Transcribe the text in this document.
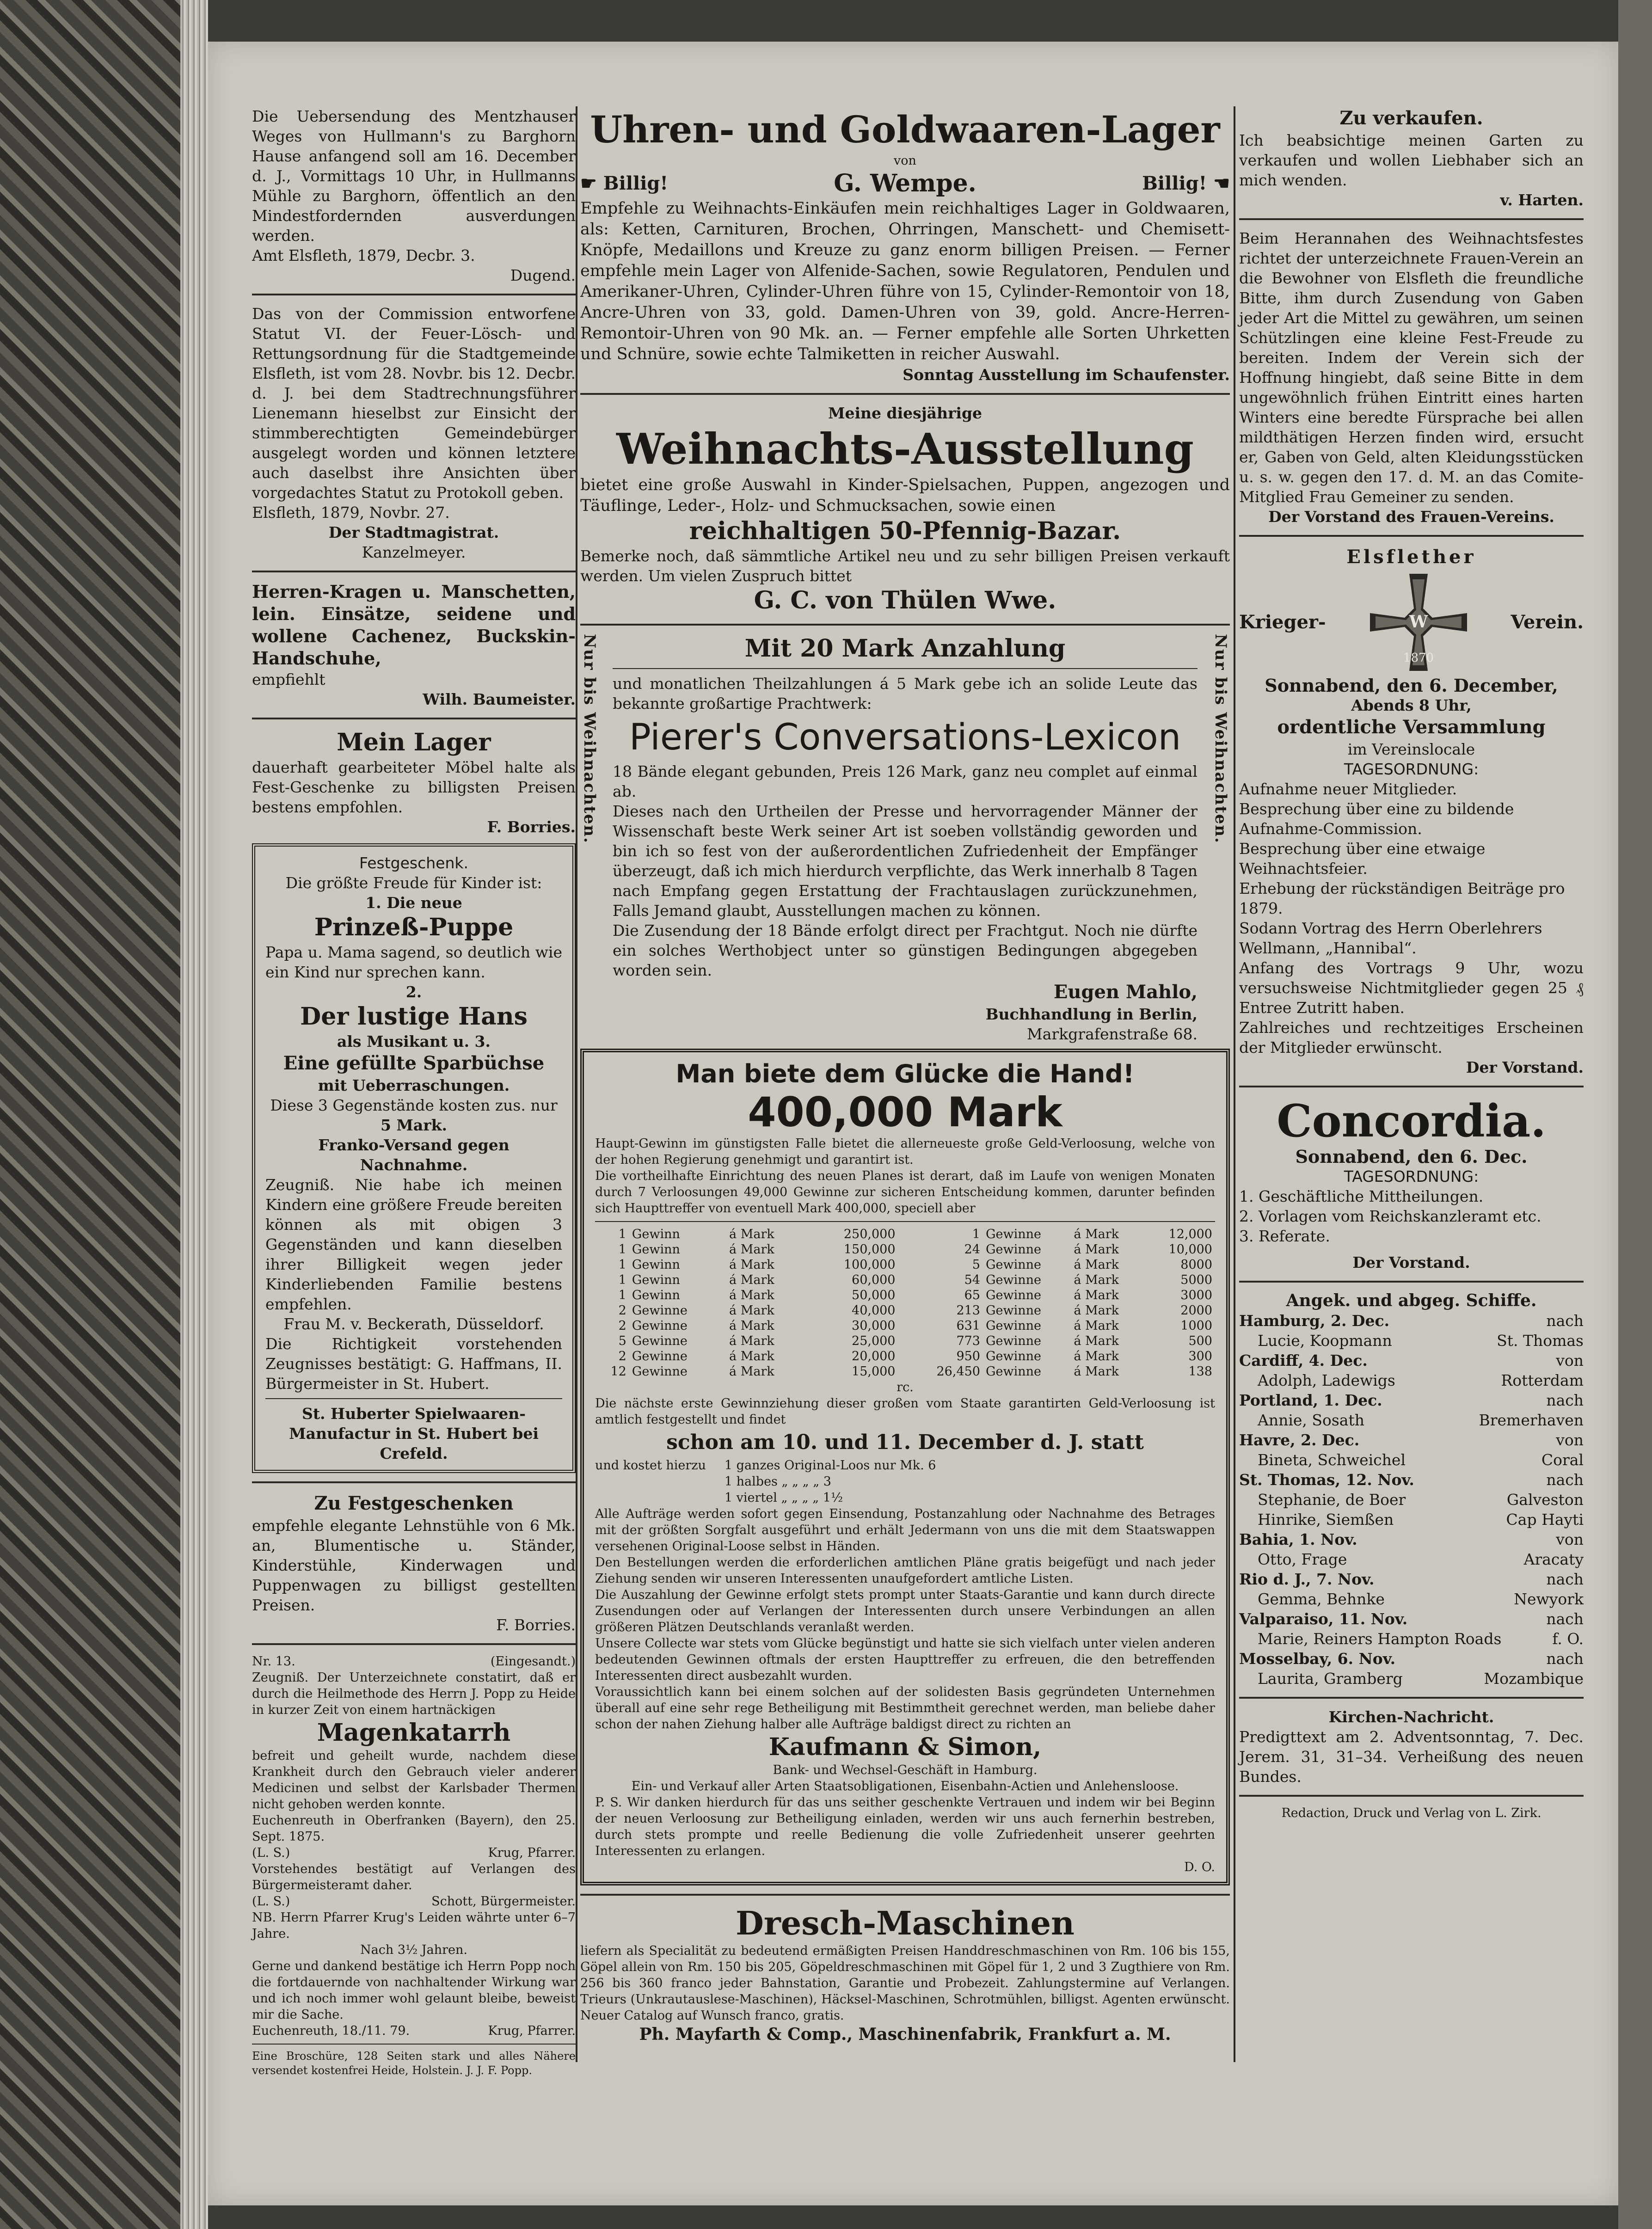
Die Uebersendung des Mentzhauser Weges von Hullmann's zu Barghorn Hause anfangend soll am 16. December d. J., Vormittags 10 Uhr, in Hullmanns Mühle zu Barghorn, öffentlich an den Mindestfordernden ausverdungen werden.

Amt Elsfleth, 1879, Decbr. 3.

Dugend.

Das von der Commission entworfene Statut VI. der Feuer-Lösch- und Rettungsordnung für die Stadtgemeinde Elsfleth, ist vom 28. Novbr. bis 12. Decbr. d. J. bei dem Stadtrechnungsführer Lienemann hieselbst zur Einsicht der stimmberechtigten Gemeindebürger ausgelegt worden und können letztere auch daselbst ihre Ansichten über vorgedachtes Statut zu Protokoll geben.

Elsfleth, 1879, Novbr. 27.

Der Stadtmagistrat.

Kanzelmeyer.

Herren-Kragen u. Manschetten, lein. Einsätze, seidene und wollene Cachenez, Buckskin-Handschuhe,

empfiehlt

Wilh. Baumeister.

Mein Lager

dauerhaft gearbeiteter Möbel halte als Fest-Geschenke zu billigsten Preisen bestens empfohlen.

F. Borries.

Festgeschenk.

Die größte Freude für Kinder ist:

1. Die neue

Prinzeß-Puppe

Papa u. Mama sagend, so deutlich wie ein Kind nur sprechen kann.

2.

Der lustige Hans

als Musikant u. 3.

Eine gefüllte Sparbüchse

mit Ueberraschungen.

Diese 3 Gegenstände kosten zus. nur

5 Mark.

Franko-Versand gegen Nachnahme.

Zeugniß. Nie habe ich meinen Kindern eine größere Freude bereiten können als mit obigen 3 Gegenständen und kann dieselben ihrer Billigkeit wegen jeder Kinderliebenden Familie bestens empfehlen.

Frau M. v. Beckerath, Düsseldorf.

Die Richtigkeit vorstehenden Zeugnisses bestätigt: G. Haffmans, II. Bürgermeister in St. Hubert.

St. Huberter Spielwaaren-Manufactur in St. Hubert bei Crefeld.

Zu Festgeschenken

empfehle elegante Lehnstühle von 6 Mk. an, Blumentische u. Ständer, Kinderstühle, Kinderwagen und Puppenwagen zu billigst gestellten Preisen.

F. Borries.

Nr. 13.	(Eingesandt.)

Zeugniß. Der Unterzeichnete constatirt, daß er durch die Heilmethode des Herrn J. Popp zu Heide in kurzer Zeit von einem hartnäckigen

Magenkatarrh

befreit und geheilt wurde, nachdem diese Krankheit durch den Gebrauch vieler anderer Medicinen und selbst der Karlsbader Thermen nicht gehoben werden konnte.

Euchenreuth in Oberfranken (Bayern), den 25. Sept. 1875.

(L. S.)	Krug, Pfarrer.

Vorstehendes bestätigt auf Verlangen des Bürgermeisteramt daher.

(L. S.)	Schott, Bürgermeister.

NB. Herrn Pfarrer Krug's Leiden währte unter 6–7 Jahre.

Nach 3½ Jahren.

Gerne und dankend bestätige ich Herrn Popp noch die fortdauernde von nachhaltender Wirkung war und ich noch immer wohl gelaunt bleibe, beweist mir die Sache.

Euchenreuth, 18./11. 79.	Krug, Pfarrer.

Eine Broschüre, 128 Seiten stark und alles Nähere versendet kostenfrei Heide, Holstein. J. J. F. Popp.

Uhren- und Goldwaaren-Lager

von

☛ Billig!	G. Wempe.	Billig! ☚

Empfehle zu Weihnachts-Einkäufen mein reichhaltiges Lager in Goldwaaren, als: Ketten, Carnituren, Brochen, Ohrringen, Manschett- und Chemisett-Knöpfe, Medaillons und Kreuze zu ganz enorm billigen Preisen. — Ferner empfehle mein Lager von Alfenide-Sachen, sowie Regulatoren, Pendulen und Amerikaner-Uhren, Cylinder-Uhren führe von 15, Cylinder-Remontoir von 18, Ancre-Uhren von 33, gold. Damen-Uhren von 39, gold. Ancre-Herren-Remontoir-Uhren von 90 Mk. an. — Ferner empfehle alle Sorten Uhrketten und Schnüre, sowie echte Talmiketten in reicher Auswahl.

Sonntag Ausstellung im Schaufenster.

Meine diesjährige

Weihnachts-Ausstellung

bietet eine große Auswahl in Kinder-Spielsachen, Puppen, angezogen und Täuflinge, Leder-, Holz- und Schmucksachen, sowie einen

reichhaltigen 50-Pfennig-Bazar.

Bemerke noch, daß sämmtliche Artikel neu und zu sehr billigen Preisen verkauft werden. Um vielen Zuspruch bittet

G. C. von Thülen Wwe.

Nur bis Weihnachten.	Nur bis Weihnachten.

Mit 20 Mark Anzahlung

und monatlichen Theilzahlungen á 5 Mark gebe ich an solide Leute das bekannte großartige Prachtwerk:

Pierer's Conversations-Lexicon

18 Bände elegant gebunden, Preis 126 Mark, ganz neu complet auf einmal ab.

Dieses nach den Urtheilen der Presse und hervorragender Männer der Wissenschaft beste Werk seiner Art ist soeben vollständig geworden und bin ich so fest von der außerordentlichen Zufriedenheit der Empfänger überzeugt, daß ich mich hierdurch verpflichte, das Werk innerhalb 8 Tagen nach Empfang gegen Erstattung der Frachtauslagen zurückzunehmen, Falls Jemand glaubt, Ausstellungen machen zu können.

Die Zusendung der 18 Bände erfolgt direct per Frachtgut. Noch nie dürfte ein solches Werthobject unter so günstigen Bedingungen abgegeben worden sein.

Eugen Mahlo,

Buchhandlung in Berlin,

Markgrafenstraße 68.

Man biete dem Glücke die Hand!

400,000 Mark

Haupt-Gewinn im günstigsten Falle bietet die allerneueste große Geld-Verloosung, welche von der hohen Regierung genehmigt und garantirt ist.

Die vortheilhafte Einrichtung des neuen Planes ist derart, daß im Laufe von wenigen Monaten durch 7 Verloosungen 49,000 Gewinne zur sicheren Entscheidung kommen, darunter befinden sich Haupttreffer von eventuell Mark 400,000, speciell aber

1	Gewinn	á Mark	250,000
1	Gewinn	á Mark	150,000
1	Gewinn	á Mark	100,000
1	Gewinn	á Mark	60,000
1	Gewinn	á Mark	50,000
2	Gewinne	á Mark	40,000
2	Gewinne	á Mark	30,000
5	Gewinne	á Mark	25,000
2	Gewinne	á Mark	20,000
12	Gewinne	á Mark	15,000
1	Gewinne	á Mark	12,000
24	Gewinne	á Mark	10,000
5	Gewinne	á Mark	8000
54	Gewinne	á Mark	5000
65	Gewinne	á Mark	3000
213	Gewinne	á Mark	2000
631	Gewinne	á Mark	1000
773	Gewinne	á Mark	500
950	Gewinne	á Mark	300
26,450	Gewinne	á Mark	138

rc.

Die nächste erste Gewinnziehung dieser großen vom Staate garantirten Geld-Verloosung ist amtlich festgestellt und findet

schon am 10. und 11. December d. J. statt

und kostet hierzu 1 ganzes Original-Loos nur Mk. 6

1 halbes „ „ „ „ 3

1 viertel „ „ „ „ 1½

Alle Aufträge werden sofort gegen Einsendung, Postanzahlung oder Nachnahme des Betrages mit der größten Sorgfalt ausgeführt und erhält Jedermann von uns die mit dem Staatswappen versehenen Original-Loose selbst in Händen.

Den Bestellungen werden die erforderlichen amtlichen Pläne gratis beigefügt und nach jeder Ziehung senden wir unseren Interessenten unaufgefordert amtliche Listen.

Die Auszahlung der Gewinne erfolgt stets prompt unter Staats-Garantie und kann durch directe Zusendungen oder auf Verlangen der Interessenten durch unsere Verbindungen an allen größeren Plätzen Deutschlands veranlaßt werden.

Unsere Collecte war stets vom Glücke begünstigt und hatte sie sich vielfach unter vielen anderen bedeutenden Gewinnen oftmals der ersten Haupttreffer zu erfreuen, die den betreffenden Interessenten direct ausbezahlt wurden.

Voraussichtlich kann bei einem solchen auf der solidesten Basis gegründeten Unternehmen überall auf eine sehr rege Betheiligung mit Bestimmtheit gerechnet werden, man beliebe daher schon der nahen Ziehung halber alle Aufträge baldigst direct zu richten an

Kaufmann & Simon,

Bank- und Wechsel-Geschäft in Hamburg.

Ein- und Verkauf aller Arten Staatsobligationen, Eisenbahn-Actien und Anlehensloose.

P. S. Wir danken hierdurch für das uns seither geschenkte Vertrauen und indem wir bei Beginn der neuen Verloosung zur Betheiligung einladen, werden wir uns auch fernerhin bestreben, durch stets prompte und reelle Bedienung die volle Zufriedenheit unserer geehrten Interessenten zu erlangen.

D. O.

Dresch-Maschinen

liefern als Specialität zu bedeutend ermäßigten Preisen Handdreschmaschinen von Rm. 106 bis 155, Göpel allein von Rm. 150 bis 205, Göpeldreschmaschinen mit Göpel für 1, 2 und 3 Zugthiere von Rm. 256 bis 360 franco jeder Bahnstation, Garantie und Probezeit. Zahlungstermine auf Verlangen. Trieurs (Unkrautauslese-Maschinen), Häcksel-Maschinen, Schrotmühlen, billigst. Agenten erwünscht. Neuer Catalog auf Wunsch franco, gratis.

Ph. Mayfarth & Comp., Maschinenfabrik, Frankfurt a. M.

Zu verkaufen.

Ich beabsichtige meinen Garten zu verkaufen und wollen Liebhaber sich an mich wenden.

v. Harten.

Beim Herannahen des Weihnachtsfestes richtet der unterzeichnete Frauen-Verein an die Bewohner von Elsfleth die freundliche Bitte, ihm durch Zusendung von Gaben jeder Art die Mittel zu gewähren, um seinen Schützlingen eine kleine Fest-Freude zu bereiten. Indem der Verein sich der Hoffnung hingiebt, daß seine Bitte in dem ungewöhnlich frühen Eintritt eines harten Winters eine beredte Fürsprache bei allen mildthätigen Herzen finden wird, ersucht er, Gaben von Geld, alten Kleidungsstücken u. s. w. gegen den 17. d. M. an das Comite-Mitglied Frau Gemeiner zu senden.

Der Vorstand des Frauen-Vereins.

Elsflether

Krieger-	W
1870
Verein.

Sonnabend, den 6. December,

Abends 8 Uhr,

ordentliche Versammlung

im Vereinslocale

TAGESORDNUNG:

Aufnahme neuer Mitglieder.

Besprechung über eine zu bildende Aufnahme-Commission.

Besprechung über eine etwaige Weihnachtsfeier.

Erhebung der rückständigen Beiträge pro 1879.

Sodann Vortrag des Herrn Oberlehrers Wellmann, „Hannibal“.

Anfang des Vortrags 9 Uhr, wozu versuchsweise Nichtmitglieder gegen 25 ₰ Entree Zutritt haben.

Zahlreiches und rechtzeitiges Erscheinen der Mitglieder erwünscht.

Der Vorstand.

Concordia.

Sonnabend, den 6. Dec.

TAGESORDNUNG:

1. Geschäftliche Mittheilungen.

2. Vorlagen vom Reichskanzleramt etc.

3. Referate.

Der Vorstand.

Angek. und abgeg. Schiffe.

Hamburg, 2. Dec.	nach
Lucie, Koopmann	St. Thomas
Cardiff, 4. Dec.	von
Adolph, Ladewigs	Rotterdam
Portland, 1. Dec.	nach
Annie, Sosath	Bremerhaven
Havre, 2. Dec.	von
Bineta, Schweichel	Coral
St. Thomas, 12. Nov.	nach
Stephanie, de Boer	Galveston
Hinrike, Siemßen	Cap Hayti
Bahia, 1. Nov.	von
Otto, Frage	Aracaty
Rio d. J., 7. Nov.	nach
Gemma, Behnke	Newyork
Valparaiso, 11. Nov.	nach
Marie, Reiners Hampton Roads	f. O.
Mosselbay, 6. Nov.	nach
Laurita, Gramberg	Mozambique

Kirchen-Nachricht.

Predigttext am 2. Adventsonntag, 7. Dec. Jerem. 31, 31–34. Verheißung des neuen Bundes.

Redaction, Druck und Verlag von L. Zirk.
